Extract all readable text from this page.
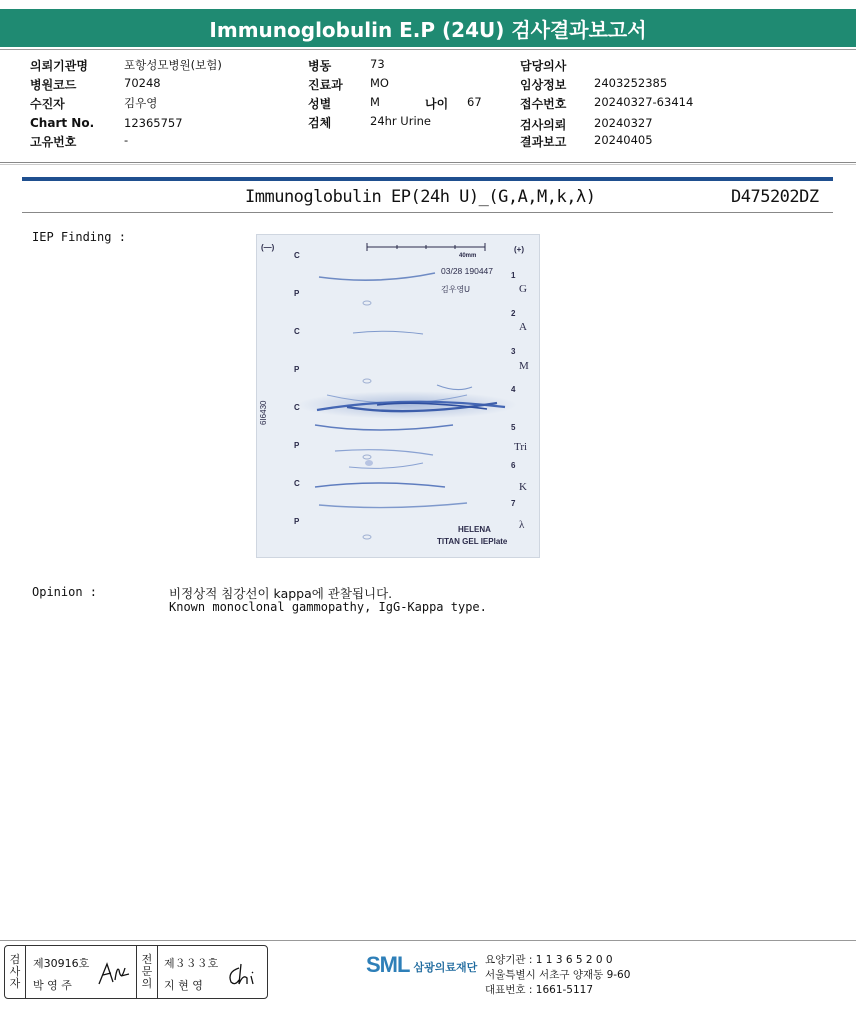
Immunoglobulin E.P (24U) 검사결과보고서
의뢰기관명	포항성모병원(보험)
병원코드	70248
수진자	김우영
Chart No.	12365757
고유번호	-
병동	73
진료과 MO
성별	M	나이 67
검체	24hr Urine
담당의사
임상정보 2403252385
접수번호 20240327-63414
검사의뢰 20240327
결과보고 20240405
Immunoglobulin EP(24h U)_(G,A,M,k,λ)	D475202DZ
IEP Finding :
(—)	(+)
40mm
03/28 190447
김우영U
6I6430
C
P
C
P
C
P
C
P
1
2
3
4
5
6
7
G
A
M
Tri
K
λ
HELENA
TITAN GEL IEPlate
Opinion :	비정상적 침강선이 kappa에 관찰됩니다.
Known monoclonal gammopathy, IgG-Kappa type.
검
사
자
제30916호
박 영 주
전
문
의
제３３３호
지 현 영
SML 삼광의료재단
요양기관 : 1 1 3 6 5 2 0 0
서울특별시 서초구 양재동 9-60
대표번호 : 1661-5117
